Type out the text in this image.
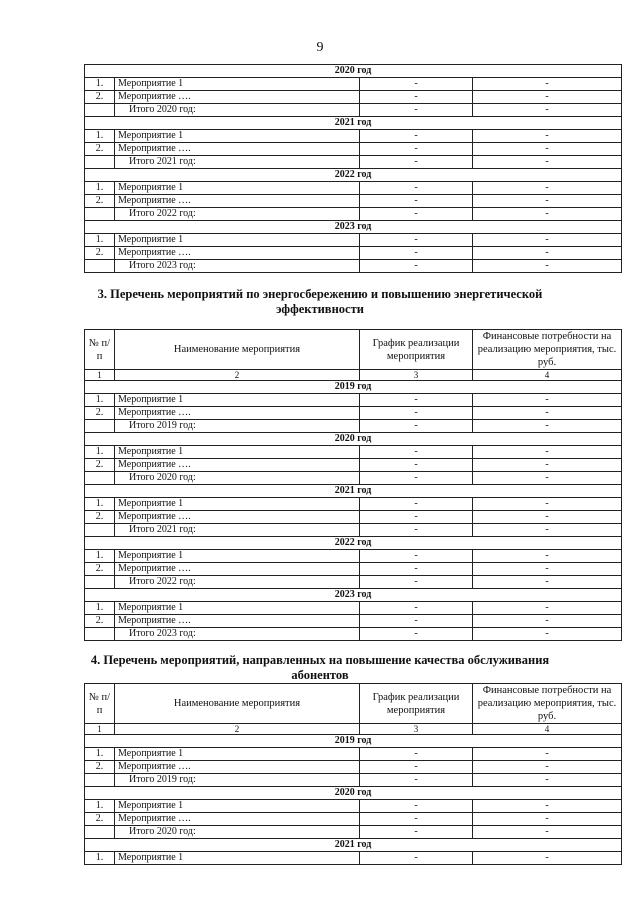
9
2020 год			
1.	Мероприятие 1	-	-
2.	Мероприятие ….	-	-
	Итого 2020 год:	-	-
2021 год			
1.	Мероприятие 1	-	-
2.	Мероприятие ….	-	-
	Итого 2021 год:	-	-
2022 год			
1.	Мероприятие 1	-	-
2.	Мероприятие ….	-	-
	Итого 2022 год:	-	-
2023 год			
1.	Мероприятие 1	-	-
2.	Мероприятие ….	-	-
	Итого 2023 год:	-	-
3. Перечень мероприятий по энергосбережению и повышению энергетической эффективности
№ п/п	Наименование мероприятия	График реализации мероприятия	Финансовые потребности на реализацию мероприятия, тыс. руб.
1	2	3	4
2019 год			
1.	Мероприятие 1	-	-
2.	Мероприятие ….	-	-
	Итого 2019 год:	-	-
2020 год			
1.	Мероприятие 1	-	-
2.	Мероприятие ….	-	-
	Итого 2020 год:	-	-
2021 год			
1.	Мероприятие 1	-	-
2.	Мероприятие ….	-	-
	Итого 2021 год:	-	-
2022 год			
1.	Мероприятие 1	-	-
2.	Мероприятие ….	-	-
	Итого 2022 год:	-	-
2023 год			
1.	Мероприятие 1	-	-
2.	Мероприятие ….	-	-
	Итого 2023 год:	-	-
4. Перечень мероприятий, направленных на повышение качества обслуживания абонентов
№ п/п	Наименование мероприятия	График реализации мероприятия	Финансовые потребности на реализацию мероприятия, тыс. руб.
1	2	3	4
2019 год			
1.	Мероприятие 1	-	-
2.	Мероприятие ….	-	-
	Итого 2019 год:	-	-
2020 год			
1.	Мероприятие 1	-	-
2.	Мероприятие ….	-	-
	Итого 2020 год:	-	-
2021 год			
1.	Мероприятие 1	-	-
